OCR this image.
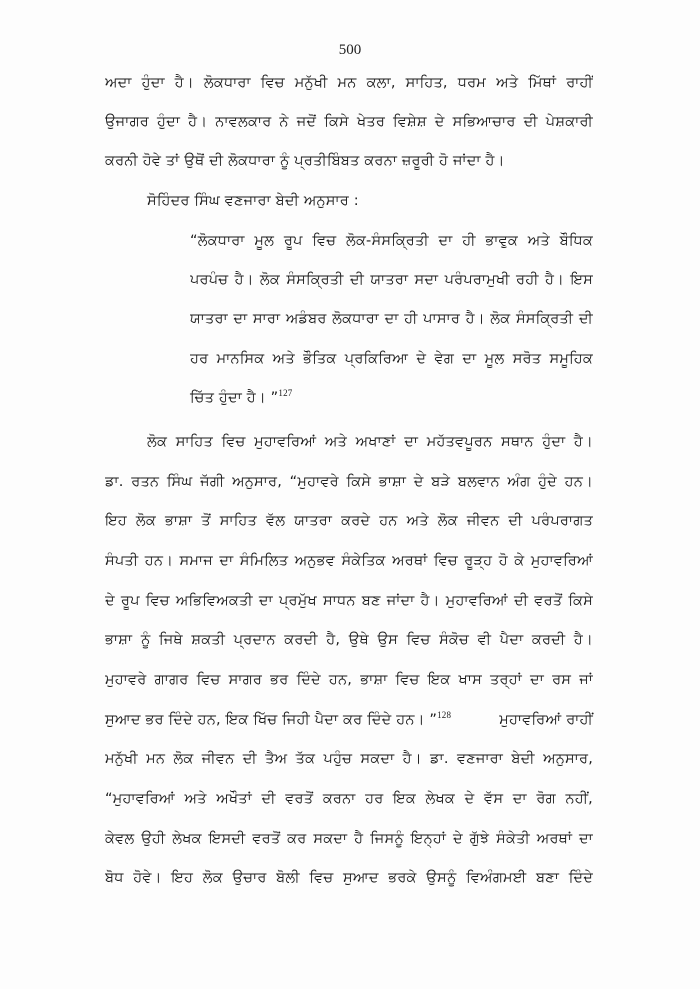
500
ਅਦਾ ਹੁੰਦਾ ਹੈ। ਲੋਕਧਾਰਾ ਵਿਚ ਮਨੁੱਖੀ ਮਨ ਕਲਾ, ਸਾਹਿਤ, ਧਰਮ ਅਤੇ ਮਿੱਥਾਂ ਰਾਹੀਂ
ਉਜਾਗਰ ਹੁੰਦਾ ਹੈ। ਨਾਵਲਕਾਰ ਨੇ ਜਦੋਂ ਕਿਸੇ ਖੇਤਰ ਵਿਸ਼ੇਸ਼ ਦੇ ਸਭਿਆਚਾਰ ਦੀ ਪੇਸ਼ਕਾਰੀ
ਕਰਨੀ ਹੋਵੇ ਤਾਂ ਉਥੋਂ ਦੀ ਲੋਕਧਾਰਾ ਨੂੰ ਪ੍ਰਤੀਬਿੰਬਤ ਕਰਨਾ ਜ਼ਰੂਰੀ ਹੋ ਜਾਂਦਾ ਹੈ।
ਸੋਹਿੰਦਰ ਸਿੰਘ ਵਣਜਾਰਾ ਬੇਦੀ ਅਨੁਸਾਰ :
“ਲੋਕਧਾਰਾ ਮੂਲ ਰੂਪ ਵਿਚ ਲੋਕ-ਸੰਸਕ੍ਰਿਤੀ ਦਾ ਹੀ ਭਾਵੁਕ ਅਤੇ ਬੌਧਿਕ
ਪਰਪੰਚ ਹੈ। ਲੋਕ ਸੰਸਕ੍ਰਿਤੀ ਦੀ ਯਾਤਰਾ ਸਦਾ ਪਰੰਪਰਾਮੁਖੀ ਰਹੀ ਹੈ। ਇਸ
ਯਾਤਰਾ ਦਾ ਸਾਰਾ ਅਡੰਬਰ ਲੋਕਧਾਰਾ ਦਾ ਹੀ ਪਾਸਾਰ ਹੈ। ਲੋਕ ਸੰਸਕ੍ਰਿਤੀ ਦੀ
ਹਰ ਮਾਨਸਿਕ ਅਤੇ ਭੌਤਿਕ ਪ੍ਰਕਿਰਿਆ ਦੇ ਵੇਗ ਦਾ ਮੂਲ ਸਰੋਤ ਸਮੂਹਿਕ
ਚਿੱਤ ਹੁੰਦਾ ਹੈ। ”$^{127}$
ਲੋਕ ਸਾਹਿਤ ਵਿਚ ਮੁਹਾਵਰਿਆਂ ਅਤੇ ਅਖਾਣਾਂ ਦਾ ਮਹੱਤਵਪੂਰਨ ਸਥਾਨ ਹੁੰਦਾ ਹੈ।
ਡਾ. ਰਤਨ ਸਿੰਘ ਜੱਗੀ ਅਨੁਸਾਰ, “ਮੁਹਾਵਰੇ ਕਿਸੇ ਭਾਸ਼ਾ ਦੇ ਬੜੇ ਬਲਵਾਨ ਅੰਗ ਹੁੰਦੇ ਹਨ।
ਇਹ ਲੋਕ ਭਾਸ਼ਾ ਤੋਂ ਸਾਹਿਤ ਵੱਲ ਯਾਤਰਾ ਕਰਦੇ ਹਨ ਅਤੇ ਲੋਕ ਜੀਵਨ ਦੀ ਪਰੰਪਰਾਗਤ
ਸੰਪਤੀ ਹਨ। ਸਮਾਜ ਦਾ ਸੰਮਿਲਿਤ ਅਨੁਭਵ ਸੰਕੇਤਿਕ ਅਰਥਾਂ ਵਿਚ ਰੂੜ੍ਹ ਹੋ ਕੇ ਮੁਹਾਵਰਿਆਂ
ਦੇ ਰੂਪ ਵਿਚ ਅਭਿਵਿਅਕਤੀ ਦਾ ਪ੍ਰਮੁੱਖ ਸਾਧਨ ਬਣ ਜਾਂਦਾ ਹੈ। ਮੁਹਾਵਰਿਆਂ ਦੀ ਵਰਤੋਂ ਕਿਸੇ
ਭਾਸ਼ਾ ਨੂੰ ਜਿਥੇ ਸ਼ਕਤੀ ਪ੍ਰਦਾਨ ਕਰਦੀ ਹੈ, ਉਥੇ ਉਸ ਵਿਚ ਸੰਕੋਚ ਵੀ ਪੈਦਾ ਕਰਦੀ ਹੈ।
ਮੁਹਾਵਰੇ ਗਾਗਰ ਵਿਚ ਸਾਗਰ ਭਰ ਦਿੰਦੇ ਹਨ, ਭਾਸ਼ਾ ਵਿਚ ਇਕ ਖਾਸ ਤਰ੍ਹਾਂ ਦਾ ਰਸ ਜਾਂ
ਸੁਆਦ ਭਰ ਦਿੰਦੇ ਹਨ, ਇਕ ਖਿੱਚ ਜਿਹੀ ਪੈਦਾ ਕਰ ਦਿੰਦੇ ਹਨ। ”$^{128}$	ਮੁਹਾਵਰਿਆਂ ਰਾਹੀਂ
ਮਨੁੱਖੀ ਮਨ ਲੋਕ ਜੀਵਨ ਦੀ ਤੈਅ ਤੱਕ ਪਹੁੰਚ ਸਕਦਾ ਹੈ। ਡਾ. ਵਣਜਾਰਾ ਬੇਦੀ ਅਨੁਸਾਰ,
“ਮੁਹਾਵਰਿਆਂ ਅਤੇ ਅਖੌਤਾਂ ਦੀ ਵਰਤੋਂ ਕਰਨਾ ਹਰ ਇਕ ਲੇਖਕ ਦੇ ਵੱਸ ਦਾ ਰੋਗ ਨਹੀਂ,
ਕੇਵਲ ਉਹੀ ਲੇਖਕ ਇਸਦੀ ਵਰਤੋਂ ਕਰ ਸਕਦਾ ਹੈ ਜਿਸਨੂੰ ਇਨ੍ਹਾਂ ਦੇ ਗੁੱਝੇ ਸੰਕੇਤੀ ਅਰਥਾਂ ਦਾ
ਬੋਧ ਹੋਵੇ। ਇਹ ਲੋਕ ਉਚਾਰ ਬੋਲੀ ਵਿਚ ਸੁਆਦ ਭਰਕੇ ਉਸਨੂੰ ਵਿਅੰਗਮਈ ਬਣਾ ਦਿੰਦੇ
